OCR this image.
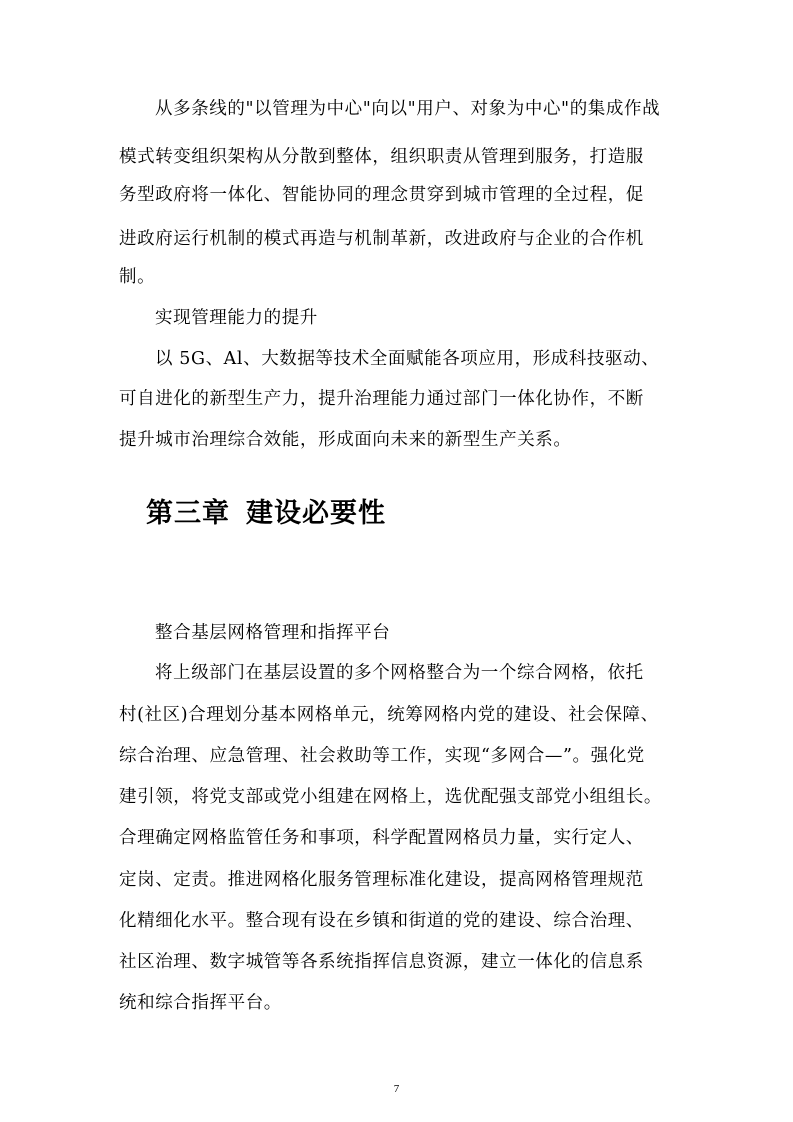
从多条线的"以管理为中心"向以"用户、对象为中心"的集成作战
模式转变组织架构从分散到整体，组织职责从管理到服务，打造服
务型政府将一体化、智能协同的理念贯穿到城市管理的全过程，促
进政府运行机制的模式再造与机制革新，改进政府与企业的合作机
制。
实现管理能力的提升
以 5G、Al、大数据等技术全面赋能各项应用，形成科技驱动、
可自进化的新型生产力，提升治理能力通过部门一体化协作，不断
提升城市治理综合效能，形成面向未来的新型生产关系。
第三章 建设必要性
整合基层网格管理和指挥平台
将上级部门在基层设置的多个网格整合为一个综合网格，依托
村(社区)合理划分基本网格单元，统筹网格内党的建设、社会保障、
综合治理、应急管理、社会救助等工作，实现“多网合—”。强化党
建引领，将党支部或党小组建在网格上，选优配强支部党小组组长。
合理确定网格监管任务和事项，科学配置网格员力量，实行定人、
定岗、定责。推进网格化服务管理标准化建设，提高网格管理规范
化精细化水平。整合现有设在乡镇和街道的党的建设、综合治理、
社区治理、数字城管等各系统指挥信息资源，建立一体化的信息系
统和综合指挥平台。
7
